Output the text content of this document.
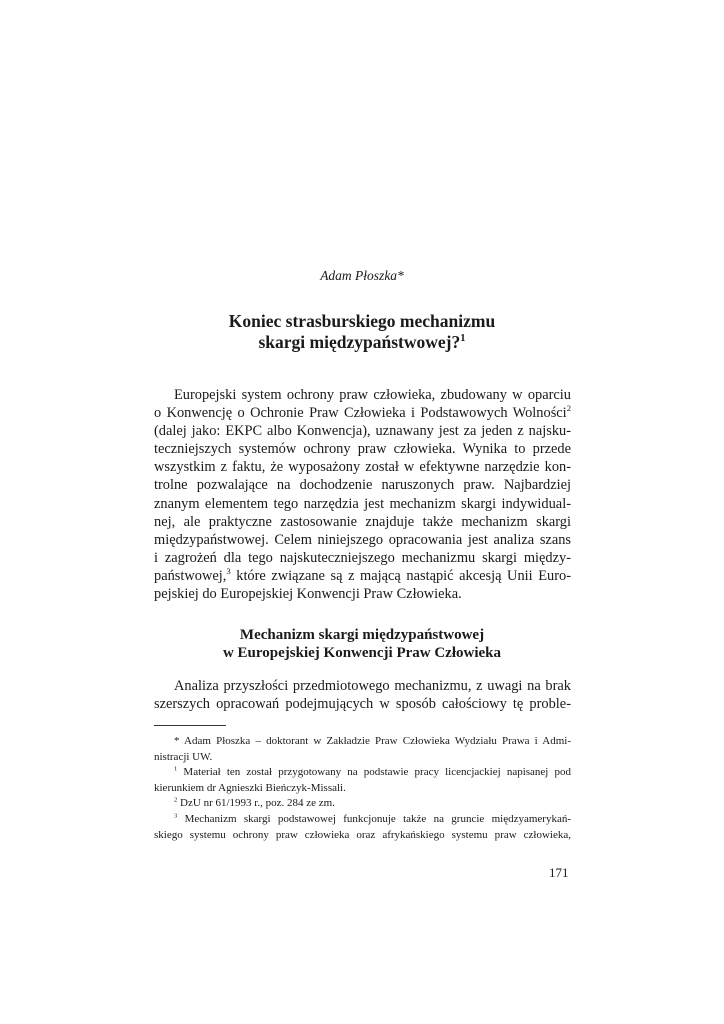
Adam Płoszka*
Koniec strasburskiego mechanizmu
skargi międzypaństwowej?$^1$
Europejski system ochrony praw człowieka, zbudowany w oparciu
o Konwencję o Ochronie Praw Człowieka i Podstawowych Wolności$^2$
(dalej jako: EKPC albo Konwencja), uznawany jest za jeden z najsku-
teczniejszych systemów ochrony praw człowieka. Wynika to przede
wszystkim z faktu, że wyposażony został w efektywne narzędzie kon-
trolne pozwalające na dochodzenie naruszonych praw. Najbardziej
znanym elementem tego narzędzia jest mechanizm skargi indywidual-
nej, ale praktyczne zastosowanie znajduje także mechanizm skargi
międzypaństwowej. Celem niniejszego opracowania jest analiza szans
i zagrożeń dla tego najskuteczniejszego mechanizmu skargi między-
państwowej,$^3$ które związane są z mającą nastąpić akcesją Unii Euro-
pejskiej do Europejskiej Konwencji Praw Człowieka.
Mechanizm skargi międzypaństwowej
w Europejskiej Konwencji Praw Człowieka
Analiza przyszłości przedmiotowego mechanizmu, z uwagi na brak
szerszych opracowań podejmujących w sposób całościowy tę proble-
* Adam Płoszka – doktorant w Zakładzie Praw Człowieka Wydziału Prawa i Admi-
nistracji UW.
$^1$ Materiał ten został przygotowany na podstawie pracy licencjackiej napisanej pod
kierunkiem dr Agnieszki Bieńczyk-Missali.
$^2$ DzU nr 61/1993 r., poz. 284 ze zm.
$^3$ Mechanizm skargi podstawowej funkcjonuje także na gruncie międzyamerykań-
skiego systemu ochrony praw człowieka oraz afrykańskiego systemu praw człowieka,
171
